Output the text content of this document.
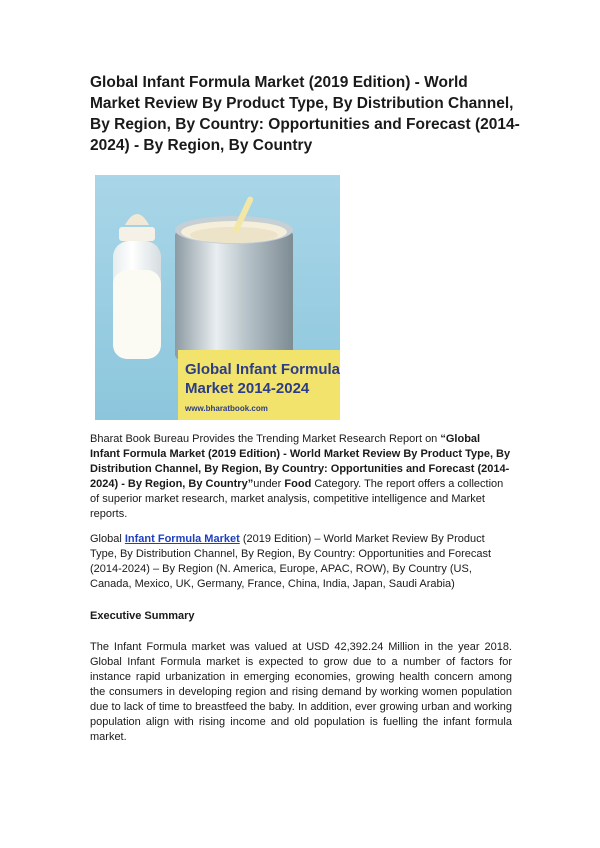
Global Infant Formula Market (2019 Edition) - World Market Review By Product Type, By Distribution Channel, By Region, By Country: Opportunities and Forecast (2014-2024) - By Region, By Country
Global Infant Formula
Market 2014-2024
www.bharatbook.com

Bharat Book Bureau Provides the Trending Market Research Report on “Global Infant Formula Market (2019 Edition) - World Market Review By Product Type, By Distribution Channel, By Region, By Country: Opportunities and Forecast (2014-2024) - By Region, By Country”under Food Category. The report offers a collection of superior market research, market analysis, competitive intelligence and Market reports.

Global Infant Formula Market (2019 Edition) – World Market Review By Product Type, By Distribution Channel, By Region, By Country: Opportunities and Forecast (2014-2024) – By Region (N. America, Europe, APAC, ROW), By Country (US, Canada, Mexico, UK, Germany, France, China, India, Japan, Saudi Arabia)

Executive Summary

The Infant Formula market was valued at USD 42,392.24 Million in the year 2018. Global Infant Formula market is expected to grow due to a number of factors for instance rapid urbanization in emerging economies, growing health concern among the consumers in developing region and rising demand by working women population due to lack of time to breastfeed the baby. In addition, ever growing urban and working population align with rising income and old population is fuelling the infant formula market.
